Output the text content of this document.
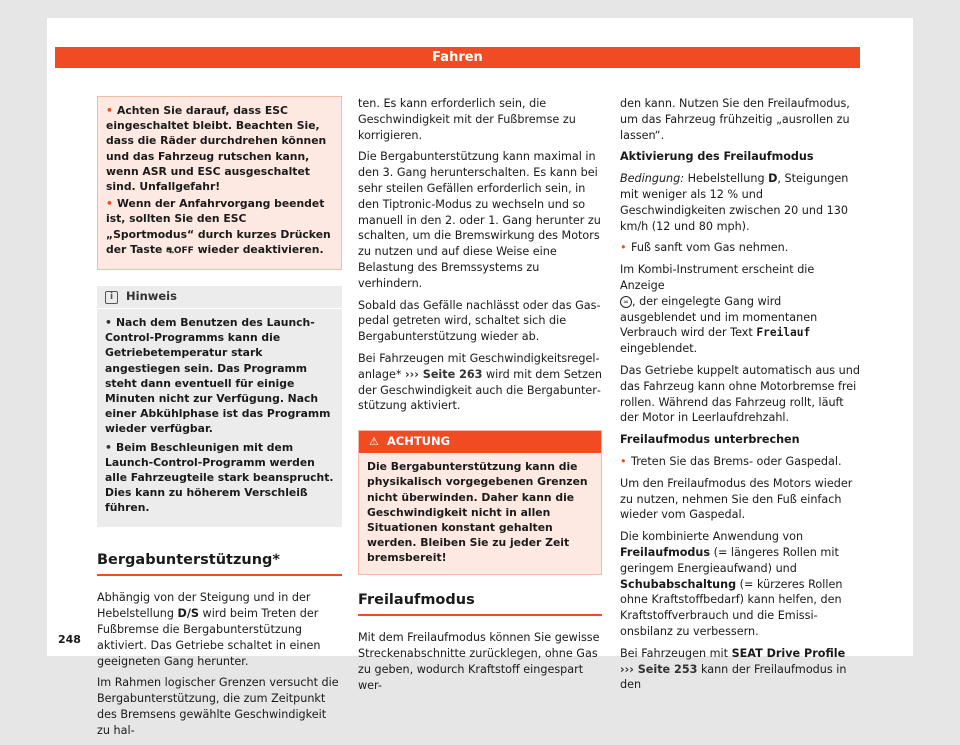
Fahren

• Achten Sie darauf, dass ESC eingeschaltet bleibt. Beachten Sie, dass die Räder durchdrehen können und das Fahrzeug rutschen kann, wenn ASR und ESC ausgeschaltet sind. Unfallgefahr!

• Wenn der Anfahrvorgang beendet ist, sollten Sie den ESC „Sportmodus“ durch kurzes Drücken der Taste ⛐OFF wieder deaktivieren.

i	Hinweis

• Nach dem Benutzen des Launch-Control-Programms kann die Getriebetemperatur stark angestiegen sein. Das Programm steht dann eventuell für einige Minuten nicht zur Verfügung. Nach einer Abkühlphase ist das Programm wieder verfügbar.

• Beim Beschleunigen mit dem Launch-Control-Programm werden alle Fahrzeugteile stark beansprucht. Dies kann zu höherem Verschleiß führen.

Bergabunterstützung*

Abhängig von der Steigung und in der Hebelstellung D/S wird beim Treten der Fußbremse die Bergabunterstützung aktiviert. Das Getriebe schaltet in einen geeigneten Gang herunter.

Im Rahmen logischer Grenzen versucht die Bergabunterstützung, die zum Zeitpunkt des Bremsens gewählte Geschwindigkeit zu hal-

ten. Es kann erforderlich sein, die Geschwindigkeit mit der Fußbremse zu korrigieren.

Die Bergabunterstützung kann maximal in den 3. Gang herunterschalten. Es kann bei sehr steilen Gefällen erforderlich sein, in den Tiptronic-Modus zu wechseln und so manuell in den 2. oder 1. Gang herunter zu schalten, um die Bremswirkung des Motors zu nutzen und auf diese Weise eine Belastung des Bremssystems zu verhindern.

Sobald das Gefälle nachlässt oder das Gaspedal getreten wird, schaltet sich die Bergabunterstützung wieder ab.

Bei Fahrzeugen mit Geschwindigkeitsregelanlage* ››› Seite 263 wird mit dem Setzen der Geschwindigkeit auch die Bergabunterstützung aktiviert.

⚠ ACHTUNG
Die Bergabunterstützung kann die physikalisch vorgegebenen Grenzen nicht überwinden. Daher kann die Geschwindigkeit nicht in allen Situationen konstant gehalten werden. Bleiben Sie zu jeder Zeit bremsbereit!
Freilaufmodus

Mit dem Freilaufmodus können Sie gewisse Streckenabschnitte zurücklegen, ohne Gas zu geben, wodurch Kraftstoff eingespart wer-

den kann. Nutzen Sie den Freilaufmodus, um das Fahrzeug frühzeitig „ausrollen zu lassen“.

Aktivierung des Freilaufmodus

Bedingung: Hebelstellung D, Steigungen mit weniger als 12 % und Geschwindigkeiten zwischen 20 und 130 km/h (12 und 80 mph).

• Fuß sanft vom Gas nehmen.

Im Kombi-Instrument erscheint die Anzeige
∞ , der eingelegte Gang wird ausgeblendet und im momentanen Verbrauch wird der Text Freilauf eingeblendet.

Das Getriebe kuppelt automatisch aus und das Fahrzeug kann ohne Motorbremse frei rollen. Während das Fahrzeug rollt, läuft der Motor in Leerlaufdrehzahl.

Freilaufmodus unterbrechen

• Treten Sie das Brems- oder Gaspedal.

Um den Freilaufmodus des Motors wieder zu nutzen, nehmen Sie den Fuß einfach wieder vom Gaspedal.

Die kombinierte Anwendung von Freilaufmodus (= längeres Rollen mit geringem Energieaufwand) und Schubabschaltung (= kürzeres Rollen ohne Kraftstoffbedarf) kann helfen, den Kraftstoffverbrauch und die Emissionsbilanz zu verbessern.

Bei Fahrzeugen mit SEAT Drive Profile
››› Seite 253 kann der Freilaufmodus in den

248
